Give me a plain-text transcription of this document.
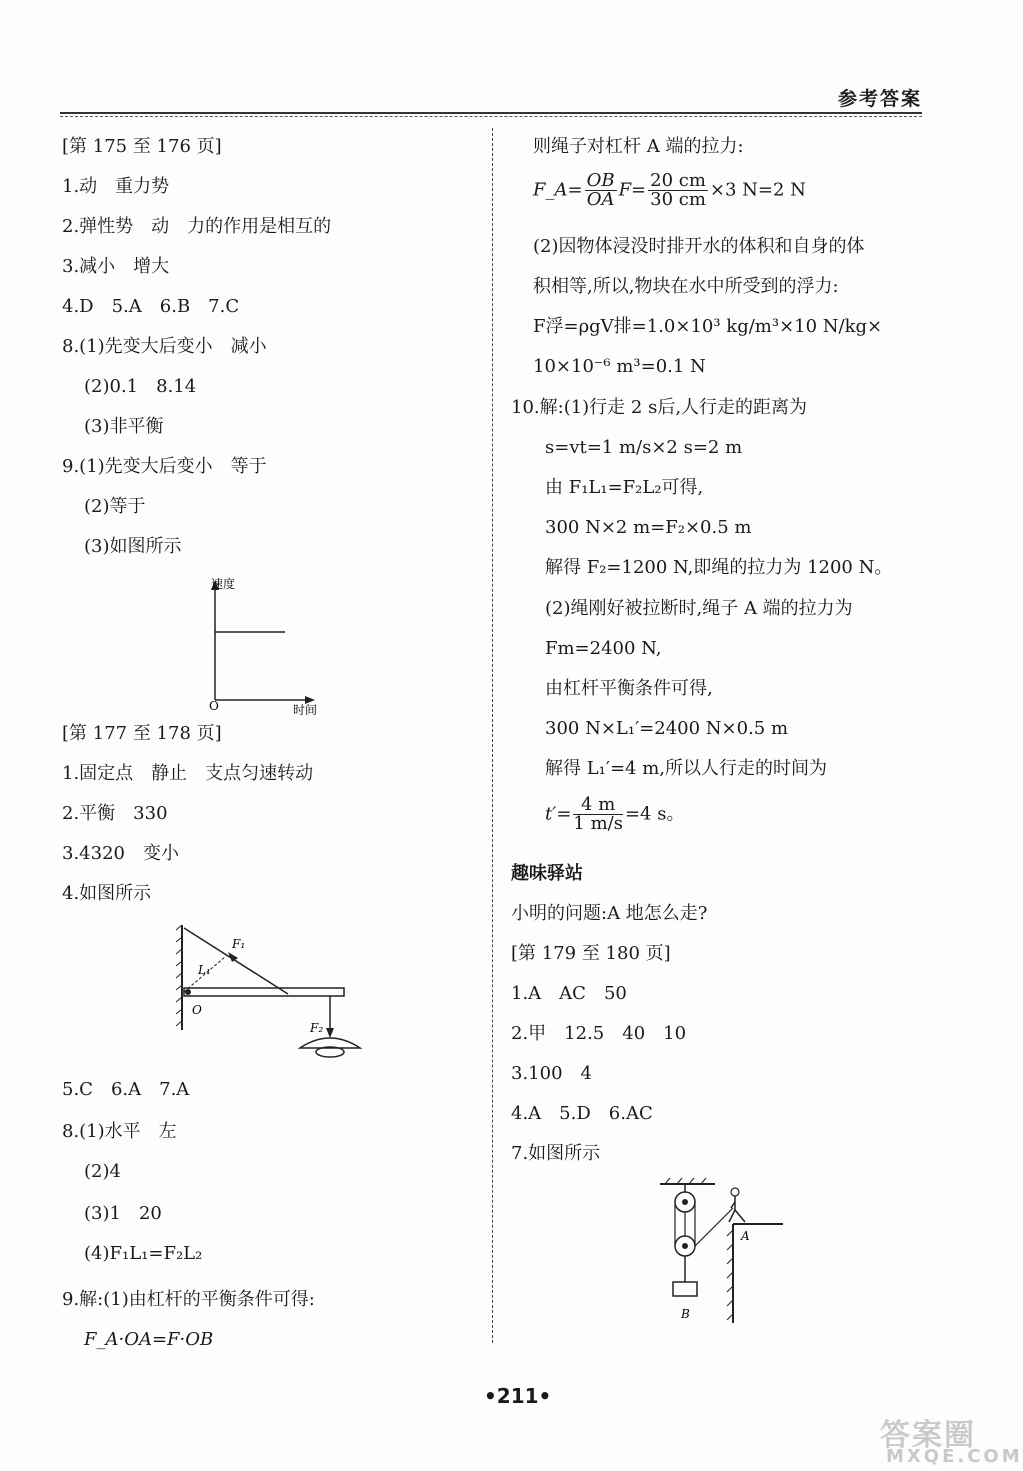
参考答案
[第 175 至 176 页]
1.动　重力势
2.弹性势　动　力的作用是相互的
3.减小　增大
4.D　5.A　6.B　7.C
8.(1)先变大后变小　减小
(2)0.1　8.14
(3)非平衡
9.(1)先变大后变小　等于
(2)等于
(3)如图所示
速度
O	时间
[第 177 至 178 页]
1.固定点　静止　支点匀速转动
2.平衡　330
3.4320　变小
4.如图所示
F₁
L₁
O
F₂
5.C　6.A　7.A
8.(1)水平　左
(2)4
(3)1　20
(4)F₁L₁=F₂L₂
9.解:(1)由杠杆的平衡条件可得:
F_A·OA=F·OB
则绳子对杠杆 A 端的拉力:
F_A= $\frac{OB}{OA} F= \frac{20 cm}{30 cm} \times 3$ N=2 N
(2)因物体浸没时排开水的体积和自身的体
积相等,所以,物块在水中所受到的浮力:
F浮=ρgV排=1.0×10³ kg/m³×10 N/kg×
10×10⁻⁶ m³=0.1 N
10.解:(1)行走 2 s后,人行走的距离为
s=vt=1 m/s×2 s=2 m
由 F₁L₁=F₂L₂可得,
300 N×2 m=F₂×0.5 m
解得 F₂=1200 N,即绳的拉力为 1200 N。
(2)绳刚好被拉断时,绳子 A 端的拉力为
Fm=2400 N,
由杠杆平衡条件可得,
300 N×L₁′=2400 N×0.5 m
解得 L₁′=4 m,所以人行走的时间为
$t'= \frac{4 m}{1 m/s} =4$ s。
趣味驿站
小明的问题:A 地怎么走?
[第 179 至 180 页]
1.A　AC　50
2.甲　12.5　40　10
3.100　4
4.A　5.D　6.AC
7.如图所示
B
A
•211•
答案圈
MXQE.COM
